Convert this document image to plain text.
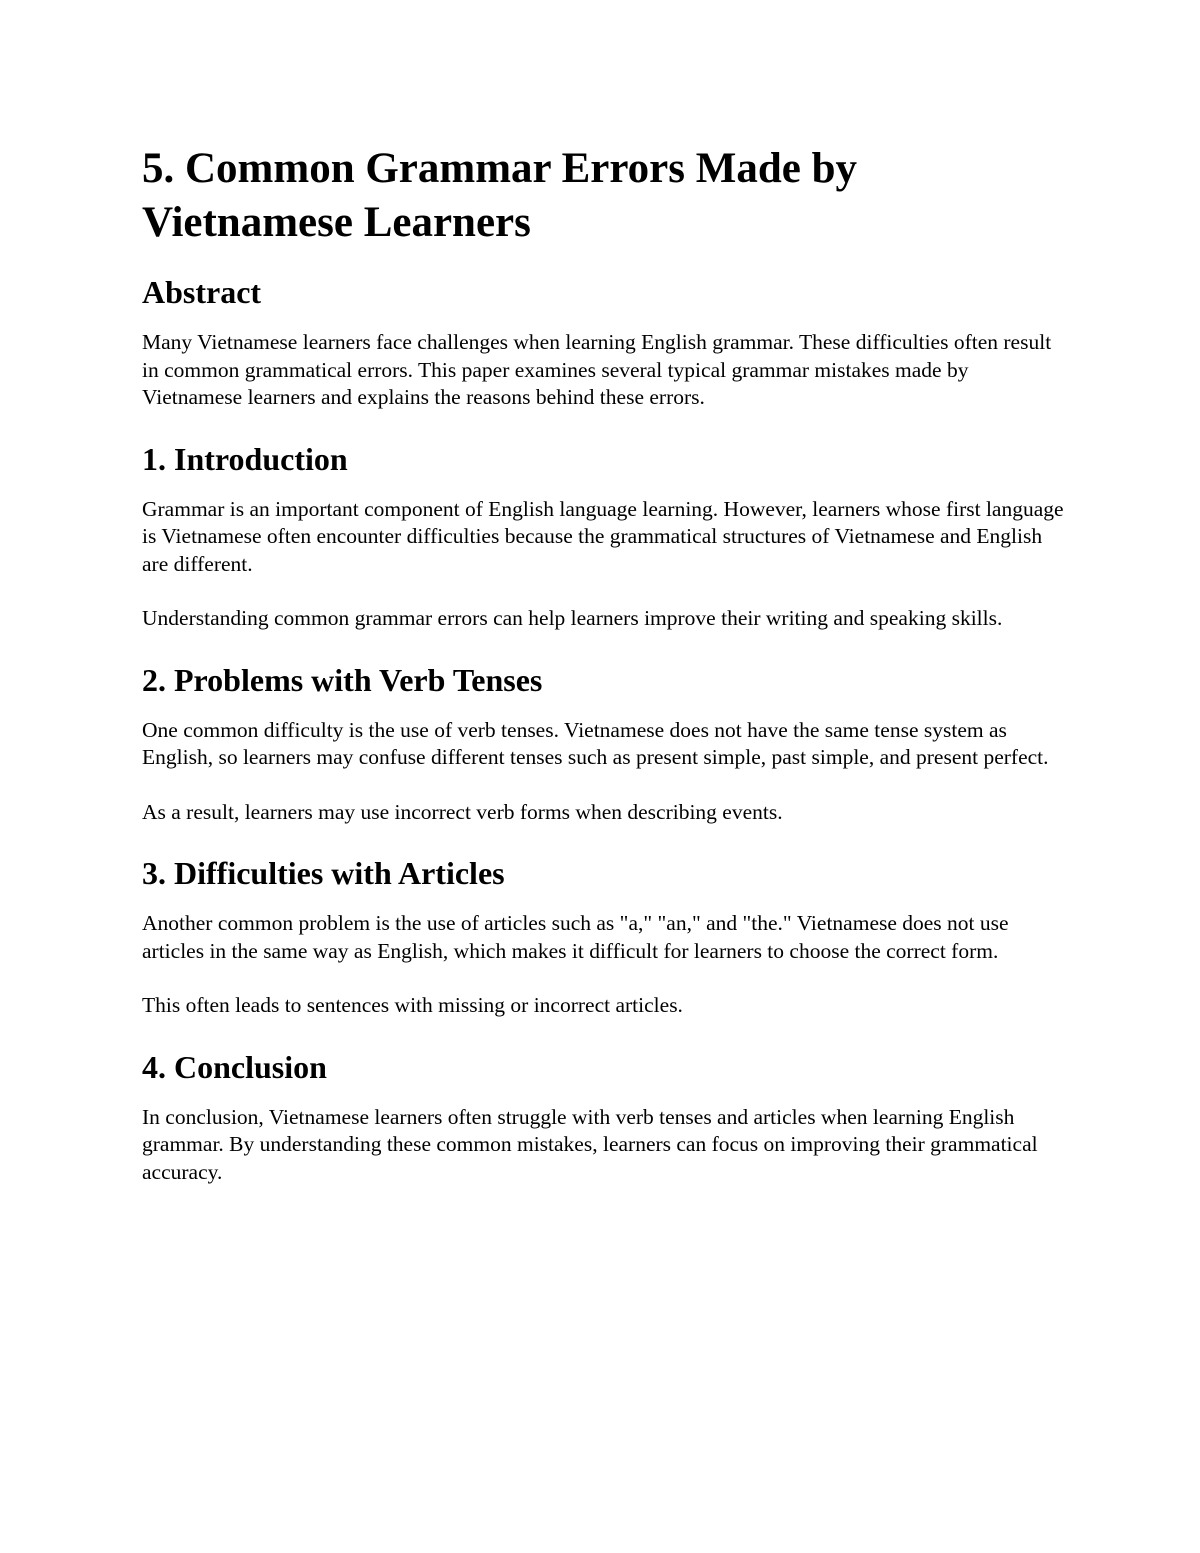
5. Common Grammar Errors Made by Vietnamese Learners
Abstract

Many Vietnamese learners face challenges when learning English grammar. These difficulties often result in common grammatical errors. This paper examines several typical grammar mistakes made by Vietnamese learners and explains the reasons behind these errors.

1. Introduction

Grammar is an important component of English language learning. However, learners whose first language is Vietnamese often encounter difficulties because the grammatical structures of Vietnamese and English are different.

Understanding common grammar errors can help learners improve their writing and speaking skills.

2. Problems with Verb Tenses

One common difficulty is the use of verb tenses. Vietnamese does not have the same tense system as English, so learners may confuse different tenses such as present simple, past simple, and present perfect.

As a result, learners may use incorrect verb forms when describing events.

3. Difficulties with Articles

Another common problem is the use of articles such as "a," "an," and "the." Vietnamese does not use articles in the same way as English, which makes it difficult for learners to choose the correct form.

This often leads to sentences with missing or incorrect articles.

4. Conclusion

In conclusion, Vietnamese learners often struggle with verb tenses and articles when learning English grammar. By understanding these common mistakes, learners can focus on improving their grammatical accuracy.
